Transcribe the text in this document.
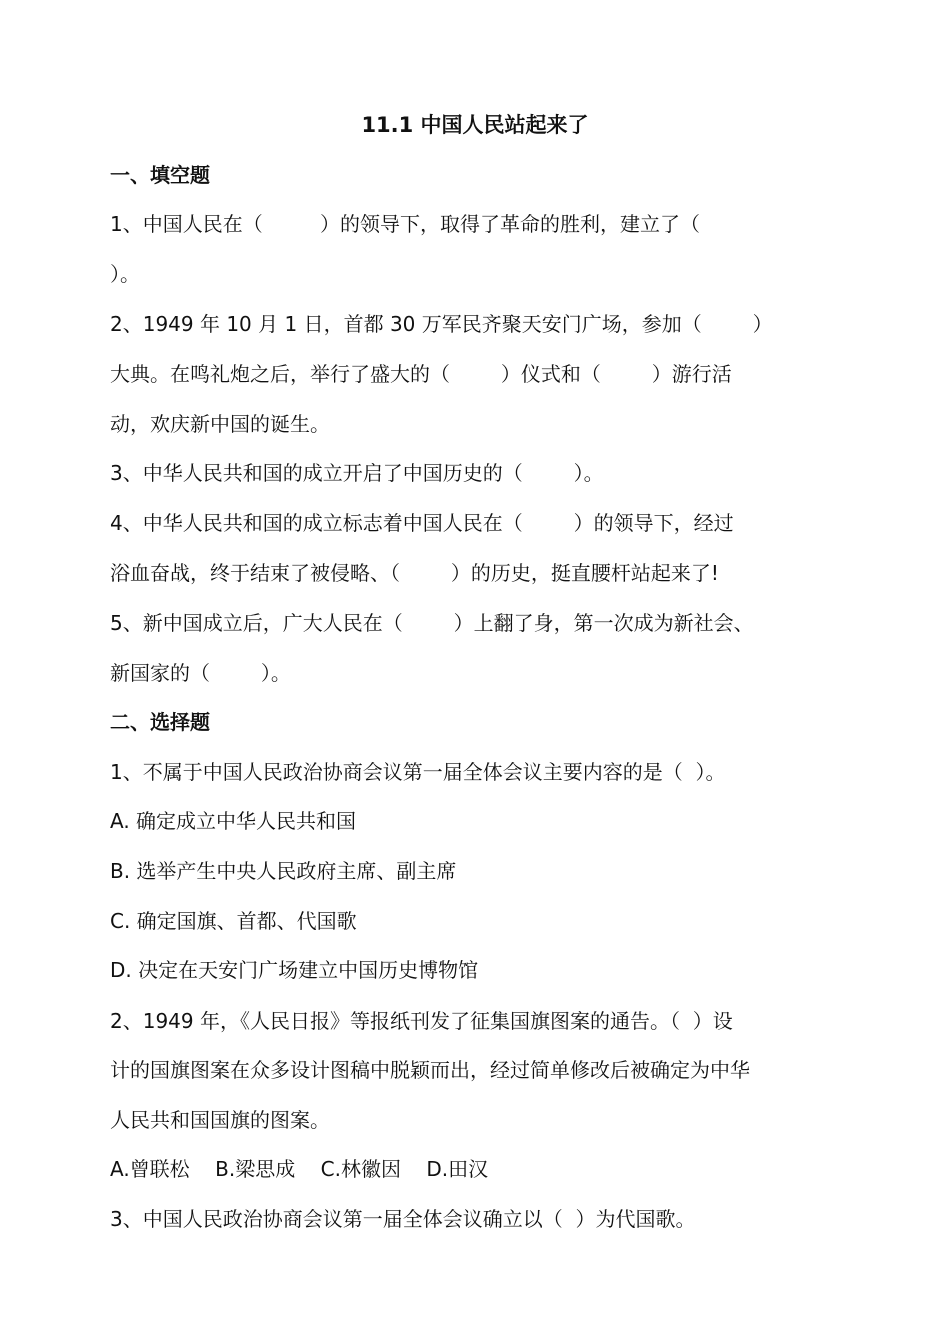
11.1 中国人民站起来了
一、填空题
1、中国人民在（         ）的领导下，取得了革命的胜利，建立了（
）。
2、1949 年 10 月 1 日，首都 30 万军民齐聚天安门广场，参加（        ）
大典。在鸣礼炮之后，举行了盛大的（        ）仪式和（        ）游行活
动，欢庆新中国的诞生。
3、中华人民共和国的成立开启了中国历史的（        ）。
4、中华人民共和国的成立标志着中国人民在（        ）的领导下，经过
浴血奋战，终于结束了被侵略、（        ）的历史，挺直腰杆站起来了!
5、新中国成立后，广大人民在（        ）上翻了身，第一次成为新社会、
新国家的（        ）。
二、选择题
1、不属于中国人民政治协商会议第一届全体会议主要内容的是（  ）。
A. 确定成立中华人民共和国
B. 选举产生中央人民政府主席、副主席
C. 确定国旗、首都、代国歌
D. 决定在天安门广场建立中国历史博物馆
2、1949 年，《人民日报》等报纸刊发了征集国旗图案的通告。（  ）设
计的国旗图案在众多设计图稿中脱颖而出，经过简单修改后被确定为中华
人民共和国国旗的图案。
A.曾联松    B.梁思成    C.林徽因    D.田汉
3、中国人民政治协商会议第一届全体会议确立以（  ）为代国歌。
